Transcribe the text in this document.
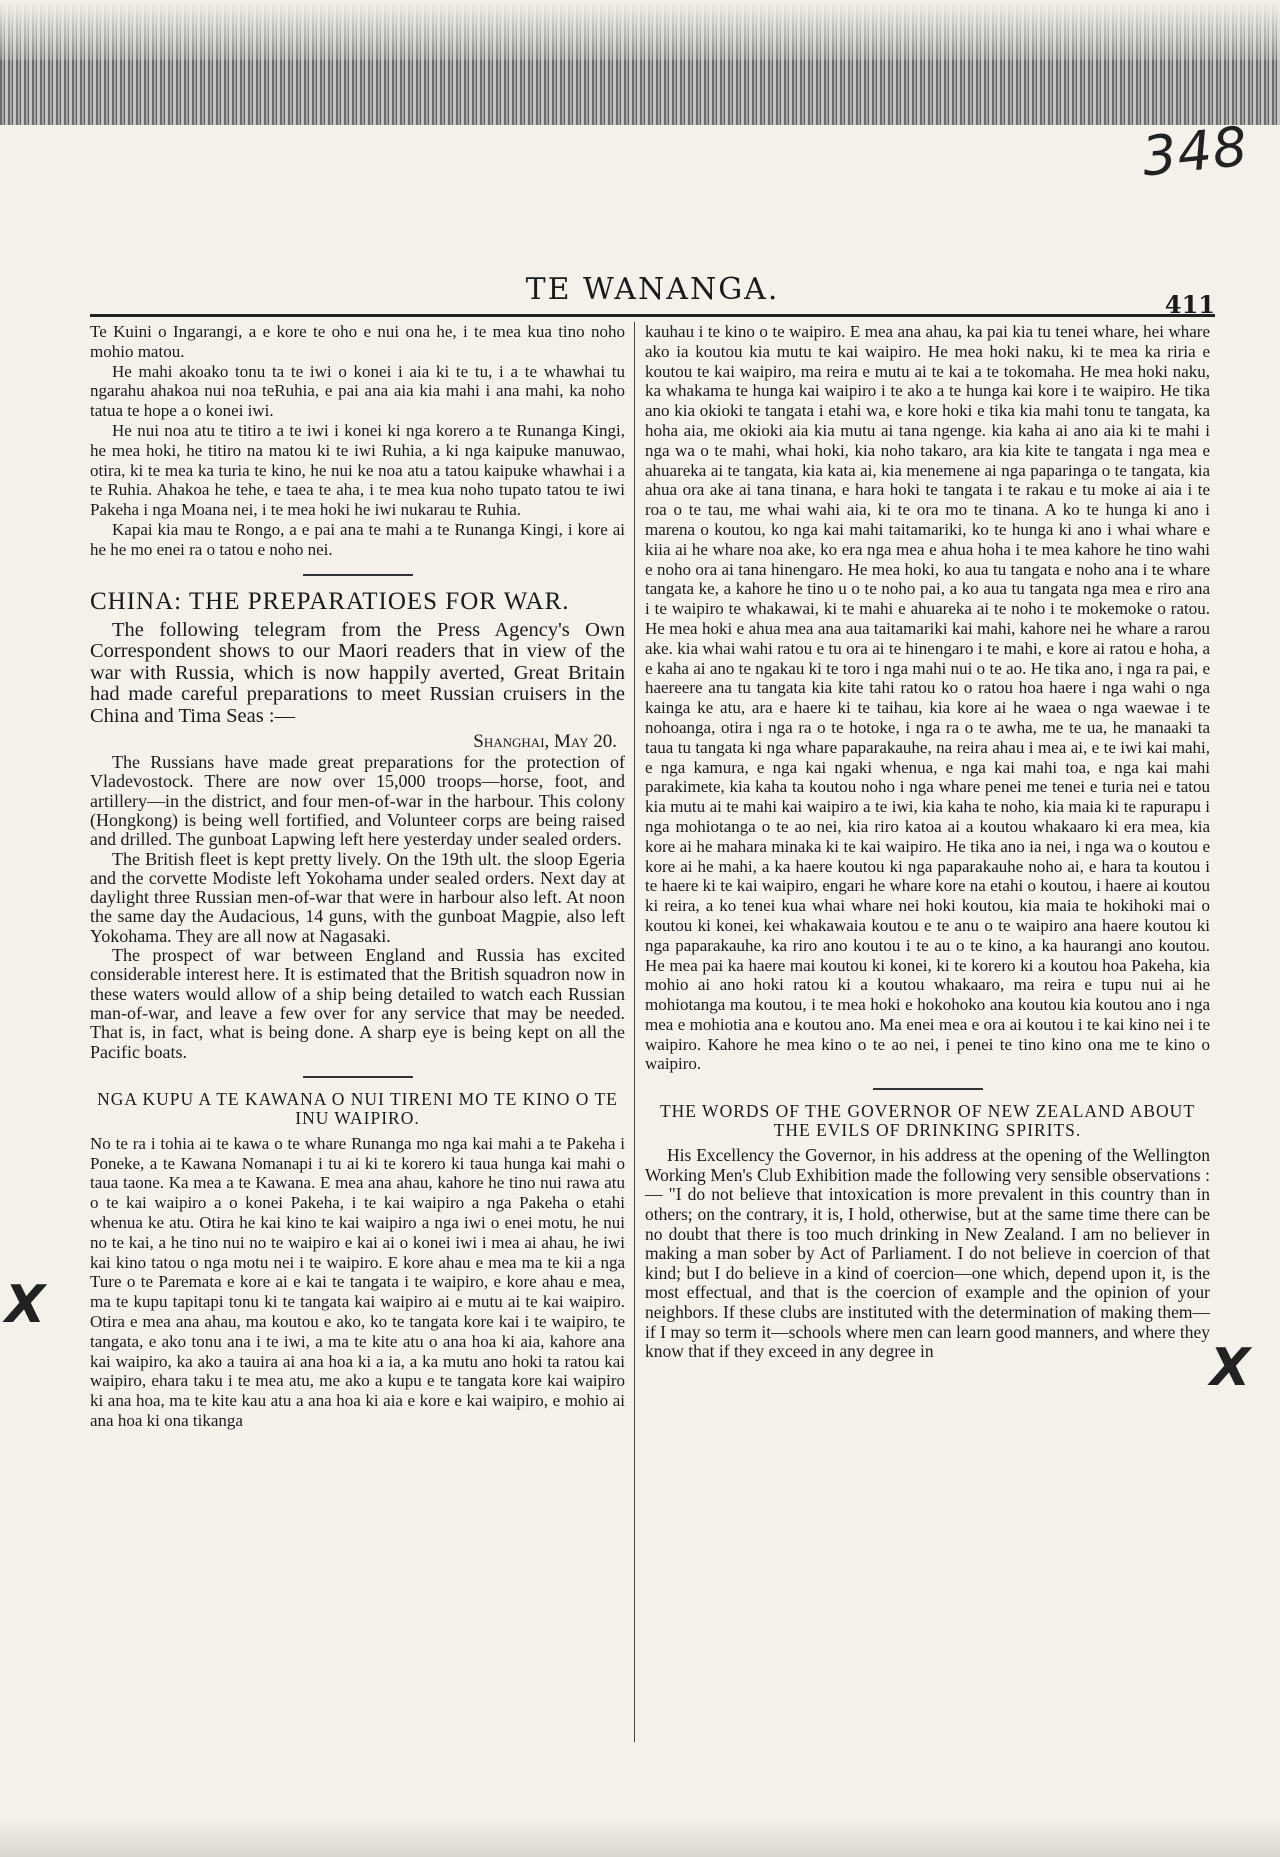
348
TE WANANGA.	411

Te Kuini o Ingarangi, a e kore te oho e nui ona he, i te mea kua tino noho mohio matou.

He mahi akoako tonu ta te iwi o konei i aia ki te tu, i a te whawhai tu ngarahu ahakoa nui noa teRuhia, e pai ana aia kia mahi i ana mahi, ka noho tatua te hope a o konei iwi.

He nui noa atu te titiro a te iwi i konei ki nga korero a te Runanga Kingi, he mea hoki, he titiro na matou ki te iwi Ruhia, a ki nga kaipuke manuwao, otira, ki te mea ka turia te kino, he nui ke noa atu a tatou kaipuke whawhai i a te Ruhia. Ahakoa he tehe, e taea te aha, i te mea kua noho tupato tatou te iwi Pakeha i nga Moana nei, i te mea hoki he iwi nukarau te Ruhia.

Kapai kia mau te Rongo, a e pai ana te mahi a te Runanga Kingi, i kore ai he he mo enei ra o tatou e noho nei.

CHINA: THE PREPARATIOES FOR WAR.

The following telegram from the Press Agency's Own Correspondent shows to our Maori readers that in view of the war with Russia, which is now happily averted, Great Britain had made careful preparations to meet Russian cruisers in the China and Tima Seas :—

Shanghai, May 20.

The Russians have made great preparations for the protection of Vladevostock. There are now over 15,000 troops—horse, foot, and artillery—in the district, and four men-of-war in the harbour. This colony (Hongkong) is being well fortified, and Volunteer corps are being raised and drilled. The gunboat Lapwing left here yesterday under sealed orders.

The British fleet is kept pretty lively. On the 19th ult. the sloop Egeria and the corvette Modiste left Yokohama under sealed orders. Next day at daylight three Russian men-of-war that were in harbour also left. At noon the same day the Audacious, 14 guns, with the gunboat Magpie, also left Yokohama. They are all now at Nagasaki.

The prospect of war between England and Russia has excited considerable interest here. It is estimated that the British squadron now in these waters would allow of a ship being detailed to watch each Russian man-of-war, and leave a few over for any service that may be needed. That is, in fact, what is being done. A sharp eye is being kept on all the Pacific boats.

NGA KUPU A TE KAWANA O NUI TIRENI MO TE KINO O TE INU WAIPIRO.

No te ra i tohia ai te kawa o te whare Runanga mo nga kai mahi a te Pakeha i Poneke, a te Kawana Nomanapi i tu ai ki te korero ki taua hunga kai mahi o taua taone. Ka mea a te Kawana. E mea ana ahau, kahore he tino nui rawa atu o te kai waipiro a o konei Pakeha, i te kai waipiro a nga Pakeha o etahi whenua ke atu. Otira he kai kino te kai waipiro a nga iwi o enei motu, he nui no te kai, a he tino nui no te waipiro e kai ai o konei iwi i mea ai ahau, he iwi kai kino tatou o nga motu nei i te waipiro. E kore ahau e mea ma te kii a nga Ture o te Paremata e kore ai e kai te tangata i te waipiro, e kore ahau e mea, ma te kupu tapitapi tonu ki te tangata kai waipiro ai e mutu ai te kai waipiro. Otira e mea ana ahau, ma koutou e ako, ko te tangata kore kai i te waipiro, te tangata, e ako tonu ana i te iwi, a ma te kite atu o ana hoa ki aia, kahore ana kai waipiro, ka ako a tauira ai ana hoa ki a ia, a ka mutu ano hoki ta ratou kai waipiro, ehara taku i te mea atu, me ako a kupu e te tangata kore kai waipiro ki ana hoa, ma te kite kau atu a ana hoa ki aia e kore e kai waipiro, e mohio ai ana hoa ki ona tikanga

kauhau i te kino o te waipiro. E mea ana ahau, ka pai kia tu tenei whare, hei whare ako ia koutou kia mutu te kai waipiro. He mea hoki naku, ki te mea ka riria e koutou te kai waipiro, ma reira e mutu ai te kai a te tokomaha. He mea hoki naku, ka whakama te hunga kai waipiro i te ako a te hunga kai kore i te waipiro. He tika ano kia okioki te tangata i etahi wa, e kore hoki e tika kia mahi tonu te tangata, ka hoha aia, me okioki aia kia mutu ai tana ngenge. kia kaha ai ano aia ki te mahi i nga wa o te mahi, whai hoki, kia noho takaro, ara kia kite te tangata i nga mea e ahuareka ai te tangata, kia kata ai, kia menemene ai nga paparinga o te tangata, kia ahua ora ake ai tana tinana, e hara hoki te tangata i te rakau e tu moke ai aia i te roa o te tau, me whai wahi aia, ki te ora mo te tinana. A ko te hunga ki ano i marena o koutou, ko nga kai mahi taitamariki, ko te hunga ki ano i whai whare e kiia ai he whare noa ake, ko era nga mea e ahua hoha i te mea kahore he tino wahi e noho ora ai tana hinengaro. He mea hoki, ko aua tu tangata e noho ana i te whare tangata ke, a kahore he tino u o te noho pai, a ko aua tu tangata nga mea e riro ana i te waipiro te whakawai, ki te mahi e ahuareka ai te noho i te mokemoke o ratou. He mea hoki e ahua mea ana aua taitamariki kai mahi, kahore nei he whare a rarou ake. kia whai wahi ratou e tu ora ai te hinengaro i te mahi, e kore ai ratou e hoha, a e kaha ai ano te ngakau ki te toro i nga mahi nui o te ao. He tika ano, i nga ra pai, e haereere ana tu tangata kia kite tahi ratou ko o ratou hoa haere i nga wahi o nga kainga ke atu, ara e haere ki te taihau, kia kore ai he waea o nga waewae i te nohoanga, otira i nga ra o te hotoke, i nga ra o te awha, me te ua, he manaaki ta taua tu tangata ki nga whare paparakauhe, na reira ahau i mea ai, e te iwi kai mahi, e nga kamura, e nga kai ngaki whenua, e nga kai mahi toa, e nga kai mahi parakimete, kia kaha ta koutou noho i nga whare penei me tenei e turia nei e tatou kia mutu ai te mahi kai waipiro a te iwi, kia kaha te noho, kia maia ki te rapurapu i nga mohiotanga o te ao nei, kia riro katoa ai a koutou whakaaro ki era mea, kia kore ai he mahara minaka ki te kai waipiro. He tika ano ia nei, i nga wa o koutou e kore ai he mahi, a ka haere koutou ki nga paparakauhe noho ai, e hara ta koutou i te haere ki te kai waipiro, engari he whare kore na etahi o koutou, i haere ai koutou ki reira, a ko tenei kua whai whare nei hoki koutou, kia maia te hokihoki mai o koutou ki konei, kei whakawaia koutou e te anu o te waipiro ana haere koutou ki nga paparakauhe, ka riro ano koutou i te au o te kino, a ka haurangi ano koutou. He mea pai ka haere mai koutou ki konei, ki te korero ki a koutou hoa Pakeha, kia mohio ai ano hoki ratou ki a koutou whakaaro, ma reira e tupu nui ai he mohiotanga ma koutou, i te mea hoki e hokohoko ana koutou kia koutou ano i nga mea e mohiotia ana e koutou ano. Ma enei mea e ora ai koutou i te kai kino nei i te waipiro. Kahore he mea kino o te ao nei, i penei te tino kino ona me te kino o waipiro.

THE WORDS OF THE GOVERNOR OF NEW ZEALAND ABOUT THE EVILS OF DRINKING SPIRITS.

His Excellency the Governor, in his address at the opening of the Wellington Working Men's Club Exhibition made the following very sensible observations :— "I do not believe that intoxication is more prevalent in this country than in others; on the contrary, it is, I hold, otherwise, but at the same time there can be no doubt that there is too much drinking in New Zealand. I am no believer in making a man sober by Act of Parliament. I do not believe in coercion of that kind; but I do believe in a kind of coercion—one which, depend upon it, is the most effectual, and that is the coercion of example and the opinion of your neighbors. If these clubs are instituted with the determination of making them—if I may so term it—schools where men can learn good manners, and where they know that if they exceed in any degree in

X
X
